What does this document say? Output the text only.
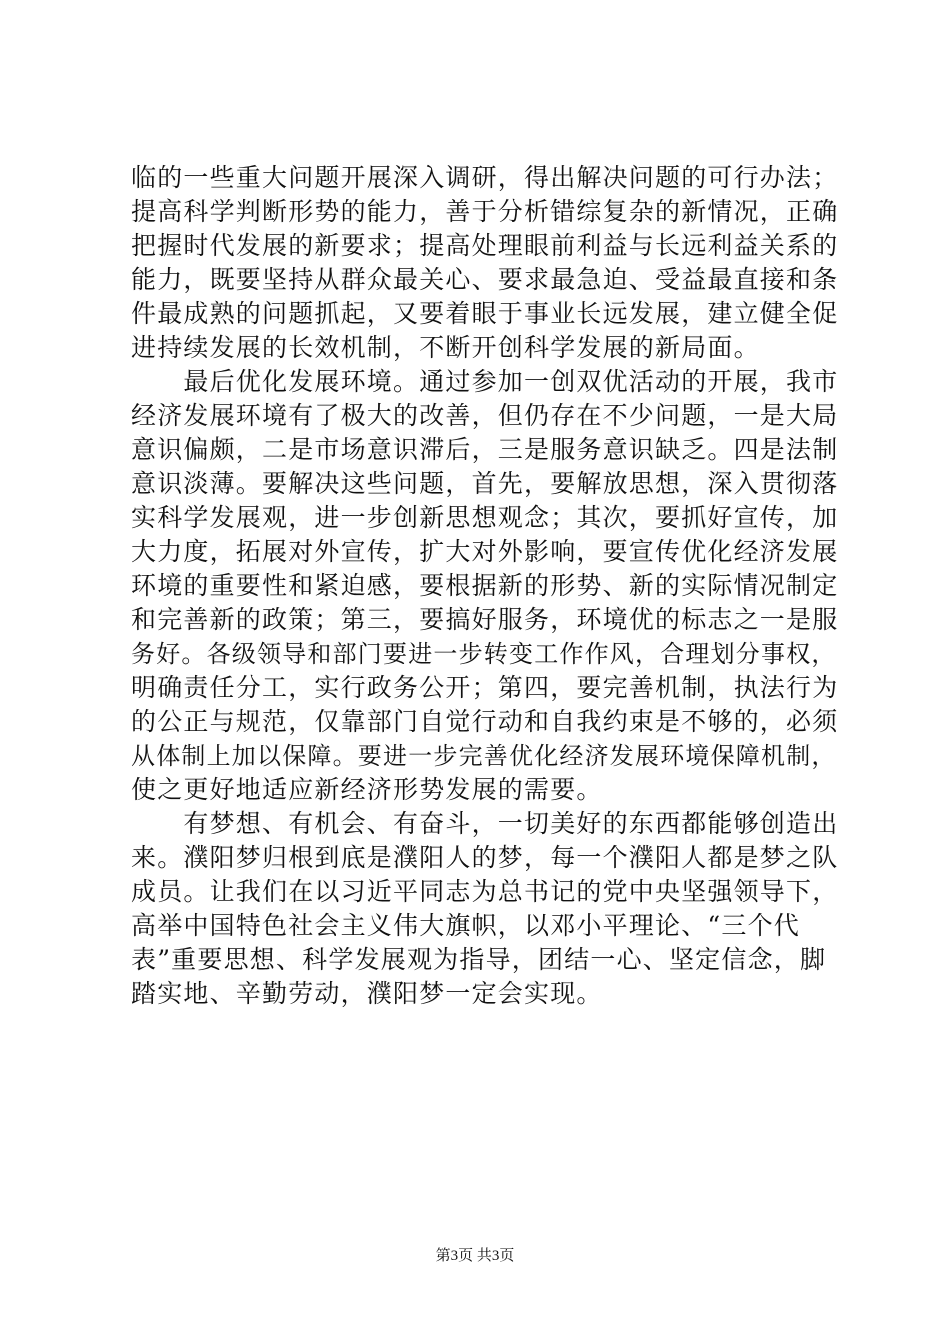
临的一些重大问题开展深入调研，得出解决问题的可行办法；
提高科学判断形势的能力，善于分析错综复杂的新情况，正确
把握时代发展的新要求；提高处理眼前利益与长远利益关系的
能力，既要坚持从群众最关心、要求最急迫、受益最直接和条
件最成熟的问题抓起，又要着眼于事业长远发展，建立健全促
进持续发展的长效机制，不断开创科学发展的新局面。
　　最后优化发展环境。通过参加一创双优活动的开展，我市
经济发展环境有了极大的改善，但仍存在不少问题，一是大局
意识偏颇，二是市场意识滞后，三是服务意识缺乏。四是法制
意识淡薄。要解决这些问题，首先，要解放思想，深入贯彻落
实科学发展观，进一步创新思想观念；其次，要抓好宣传，加
大力度，拓展对外宣传，扩大对外影响，要宣传优化经济发展
环境的重要性和紧迫感，要根据新的形势、新的实际情况制定
和完善新的政策；第三，要搞好服务，环境优的标志之一是服
务好。各级领导和部门要进一步转变工作作风，合理划分事权，
明确责任分工，实行政务公开；第四，要完善机制，执法行为
的公正与规范，仅靠部门自觉行动和自我约束是不够的，必须
从体制上加以保障。要进一步完善优化经济发展环境保障机制，
使之更好地适应新经济形势发展的需要。
　　有梦想、有机会、有奋斗，一切美好的东西都能够创造出
来。濮阳梦归根到底是濮阳人的梦，每一个濮阳人都是梦之队
成员。让我们在以习近平同志为总书记的党中央坚强领导下，
高举中国特色社会主义伟大旗帜，以邓小平理论、“三个代
表”重要思想、科学发展观为指导，团结一心、坚定信念，脚
踏实地、辛勤劳动，濮阳梦一定会实现。
第3页 共3页
